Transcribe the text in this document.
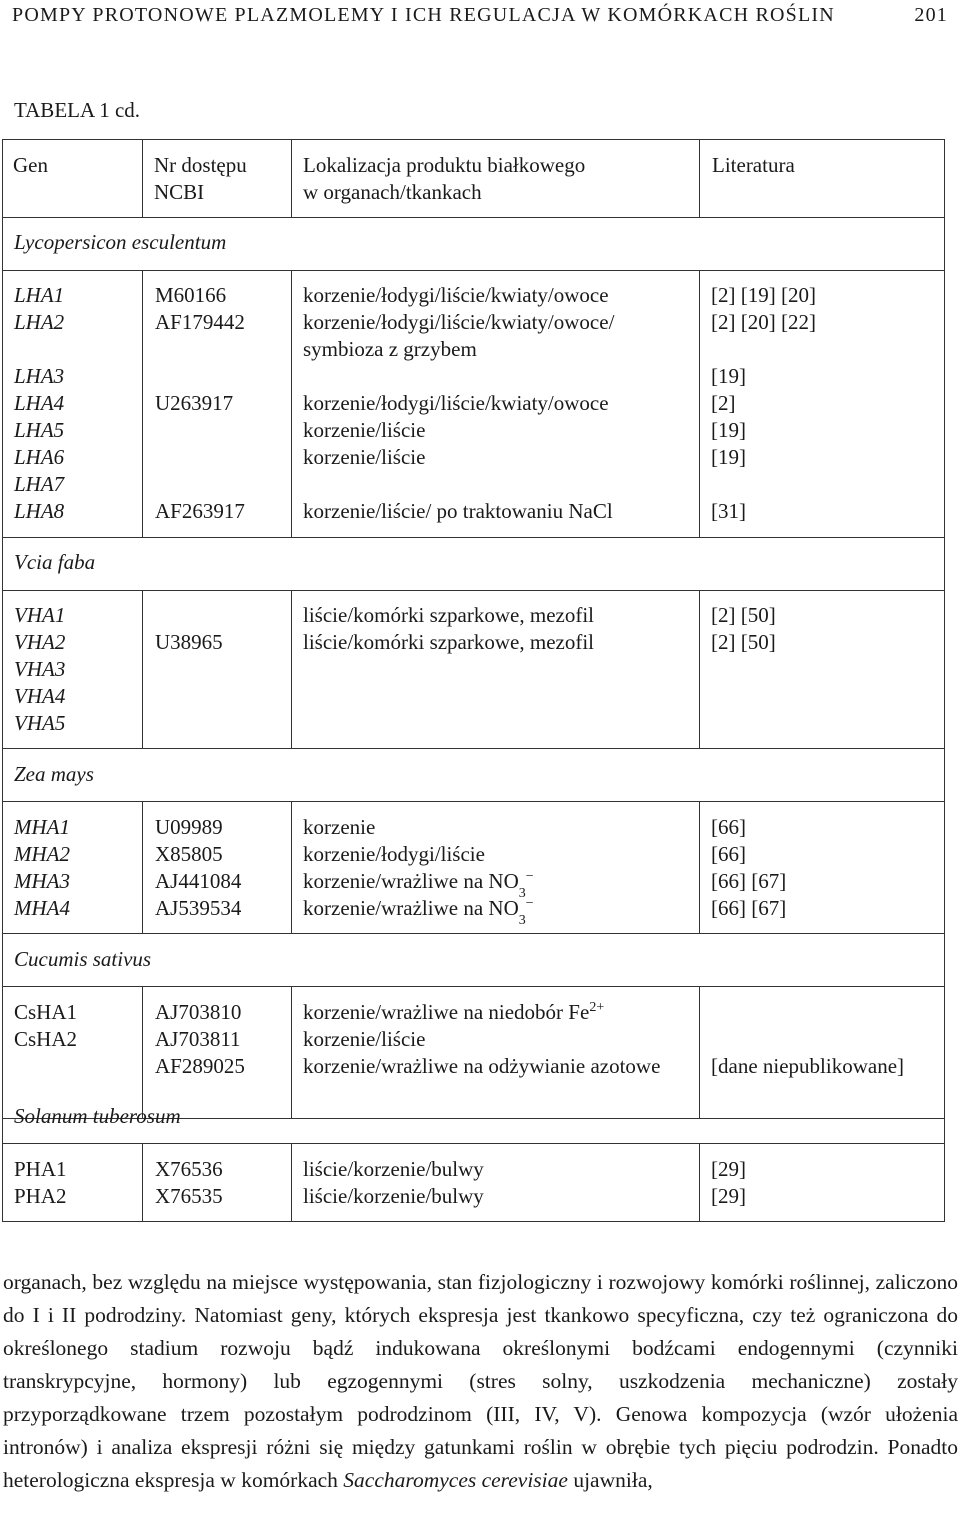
POMPY PROTONOWE PLAZMOLEMY I ICH REGULACJA W KOMÓRKACH ROŚLIN	201
TABELA 1 cd.
Gen	Nr dostępu
NCBI
Lokalizacja produktu białkowego
w organach/tkankach
Literatura
Lycopersicon esculentum
LHA1
LHA2
LHA3
LHA4
LHA5
LHA6
LHA7
LHA8
M60166
AF179442
U263917
AF263917
korzenie/łodygi/liście/kwiaty/owoce
korzenie/łodygi/liście/kwiaty/owoce/
symbioza z grzybem
korzenie/łodygi/liście/kwiaty/owoce
korzenie/liście
korzenie/liście
korzenie/liście/ po traktowaniu NaCl
[2] [19] [20]
[2] [20] [22]
[19]
[2]
[19]
[19]
[31]
Vcia faba
VHA1
VHA2
VHA3
VHA4
VHA5
U38965
liście/komórki szparkowe, mezofil
liście/komórki szparkowe, mezofil
[2] [50]
[2] [50]
Zea mays
MHA1
MHA2
MHA3
MHA4
U09989
X85805
AJ441084
AJ539534
korzenie
korzenie/łodygi/liście
korzenie/wrażliwe na $NO_3^-$
korzenie/wrażliwe na $NO_3^-$
[66]
[66]
[66] [67]
[66] [67]
Cucumis sativus
CsHA1
CsHA2
AJ703810
AJ703811
AF289025
korzenie/wrażliwe na niedobór $Fe^{2+}$
korzenie/liście
korzenie/wrażliwe na odżywianie azotowe [dane niepublikowane]
Solanum tuberosum
PHA1
PHA2
X76536
X76535
liście/korzenie/bulwy
liście/korzenie/bulwy
[29]
[29]

organach, bez względu na miejsce występowania, stan fizjologiczny i rozwojowy komórki roślinnej, zaliczono do I i II podrodziny. Natomiast geny, których ekspresja jest tkankowo specyficzna, czy też ograniczona do określonego stadium rozwoju bądź indukowana określonymi bodźcami endogennymi (czynniki transkrypcyjne, hormony) lub egzogennymi (stres solny, uszkodzenia mechaniczne) zostały przyporządkowane trzem pozostałym podrodzinom (III, IV, V). Genowa kompozycja (wzór ułożenia intronów) i analiza ekspresji różni się między gatunkami roślin w obrębie tych pięciu podrodzin. Ponadto heterologiczna ekspresja w komórkach Saccharomyces cerevisiae ujawniła,
